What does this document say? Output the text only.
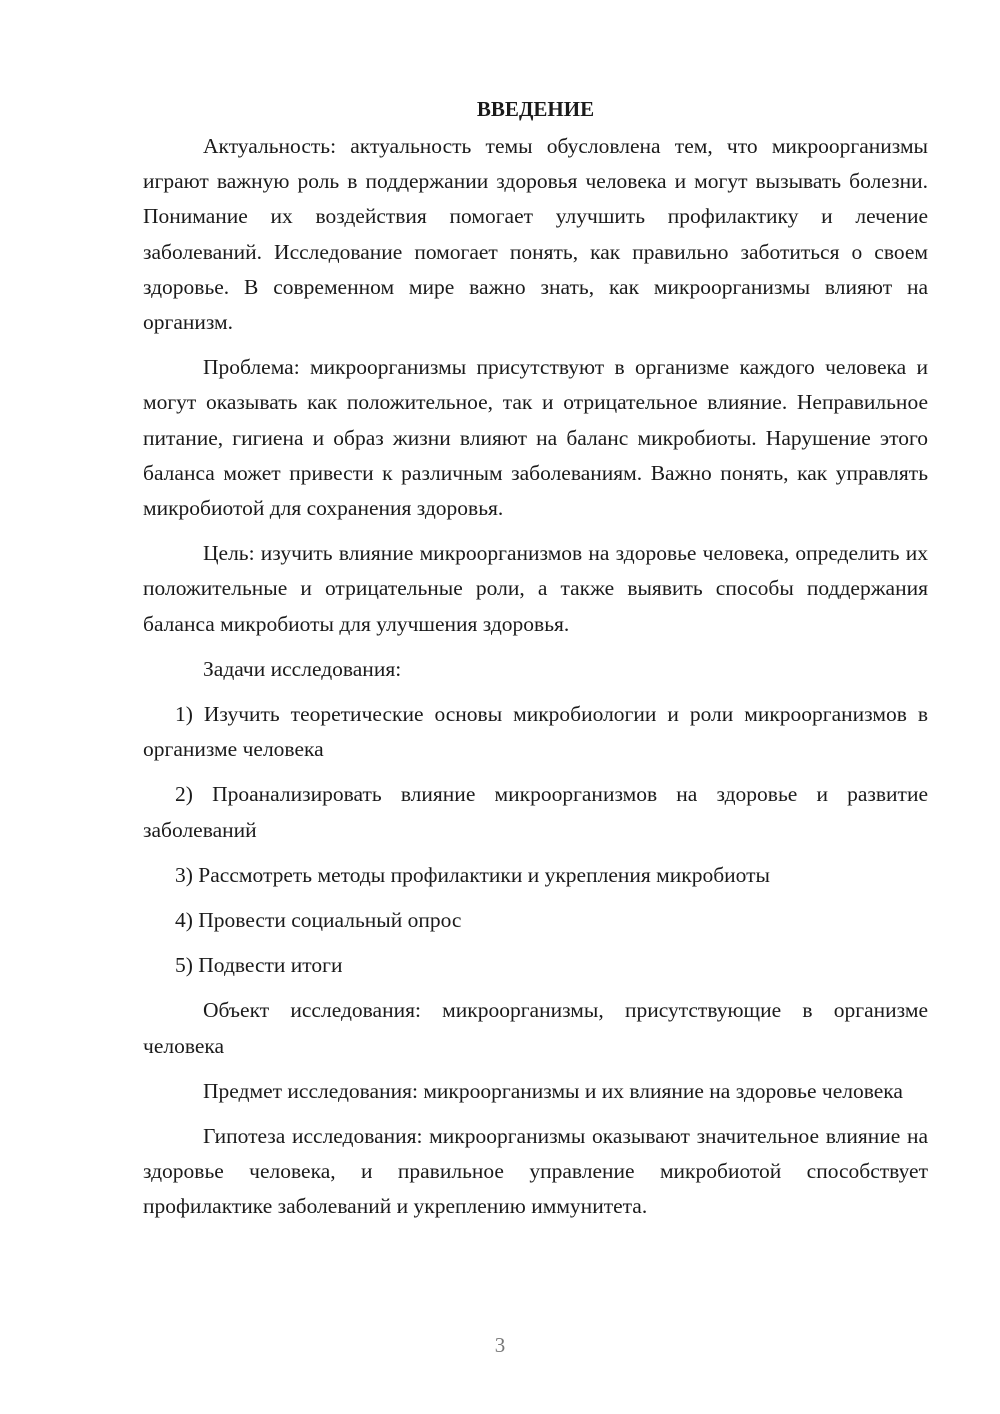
ВВЕДЕНИЕ

Актуальность: актуальность темы обусловлена тем, что микроорганизмы играют важную роль в поддержании здоровья человека и могут вызывать болезни. Понимание их воздействия помогает улучшить профилактику и лечение заболеваний. Исследование помогает понять, как правильно заботиться о своем здоровье. В современном мире важно знать, как микроорганизмы влияют на организм.

Проблема: микроорганизмы присутствуют в организме каждого человека и могут оказывать как положительное, так и отрицательное влияние. Неправильное питание, гигиена и образ жизни влияют на баланс микробиоты. Нарушение этого баланса может привести к различным заболеваниям. Важно понять, как управлять микробиотой для сохранения здоровья.

Цель: изучить влияние микроорганизмов на здоровье человека, определить их положительные и отрицательные роли, а также выявить способы поддержания баланса микробиоты для улучшения здоровья.

Задачи исследования:

1) Изучить теоретические основы микробиологии и роли микроорганизмов в организме человека

2) Проанализировать влияние микроорганизмов на здоровье и развитие заболеваний

3) Рассмотреть методы профилактики и укрепления микробиоты

4) Провести социальный опрос

5) Подвести итоги

Объект исследования: микроорганизмы, присутствующие в организме человека

Предмет исследования: микроорганизмы и их влияние на здоровье человека

Гипотеза исследования: микроорганизмы оказывают значительное влияние на здоровье человека, и правильное управление микробиотой способствует профилактике заболеваний и укреплению иммунитета.

3
